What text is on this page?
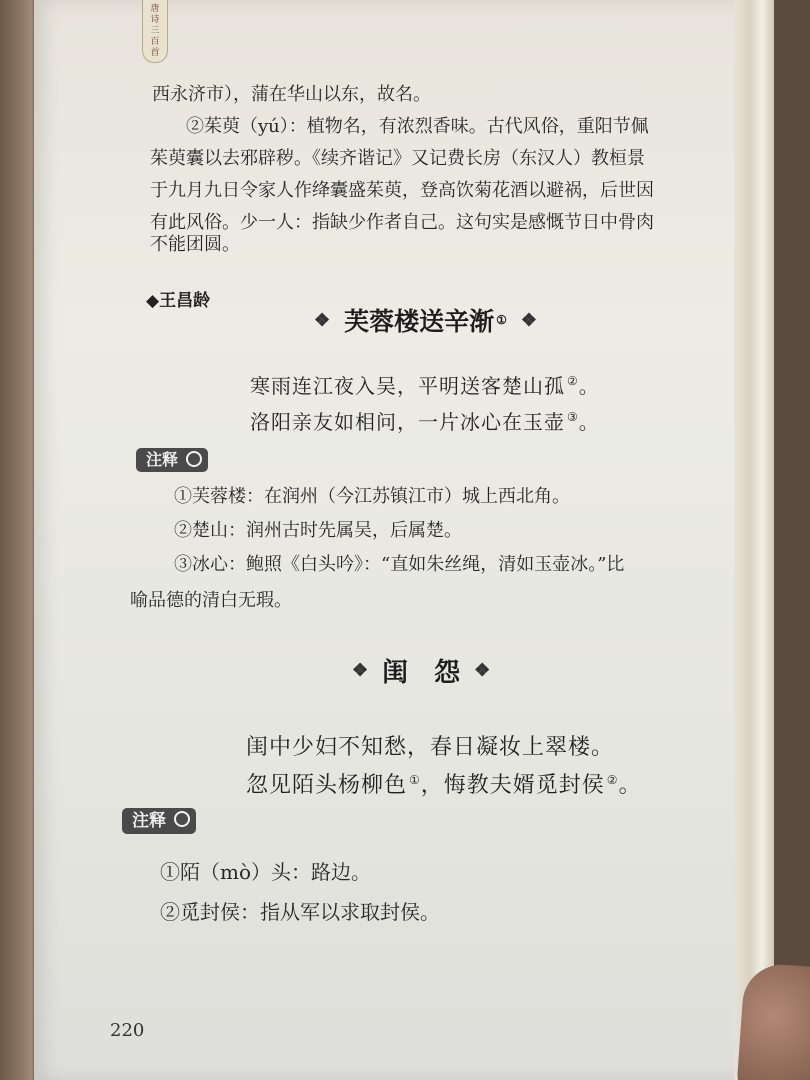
唐
诗
三
百
首
西永济市），蒲在华山以东，故名。
②茱萸（yú）：植物名，有浓烈香味。古代风俗，重阳节佩
茱萸囊以去邪辟秽。《续齐谐记》又记费长房（东汉人）教桓景
于九月九日令家人作绛囊盛茱萸，登高饮菊花酒以避祸，后世因
有此风俗。少一人：指缺少作者自己。这句实是感慨节日中骨肉
不能团圆。
◆王昌龄
❖ 芙蓉楼送辛渐 ① ❖
寒雨连江夜入吴，平明送客楚山孤 ②。
洛阳亲友如相问，一片冰心在玉壶 ③。
注释
①芙蓉楼：在润州（今江苏镇江市）城上西北角。
②楚山：润州古时先属吴，后属楚。
③冰心：鲍照《白头吟》：“直如朱丝绳，清如玉壶冰。”比
喻品德的清白无瑕。
❖ 闺　怨 ❖
闺中少妇不知愁，春日凝妆上翠楼。
忽见陌头杨柳色 ①，悔教夫婿觅封侯 ②。
注释
①陌（mò）头：路边。
②觅封侯：指从军以求取封侯。
220
